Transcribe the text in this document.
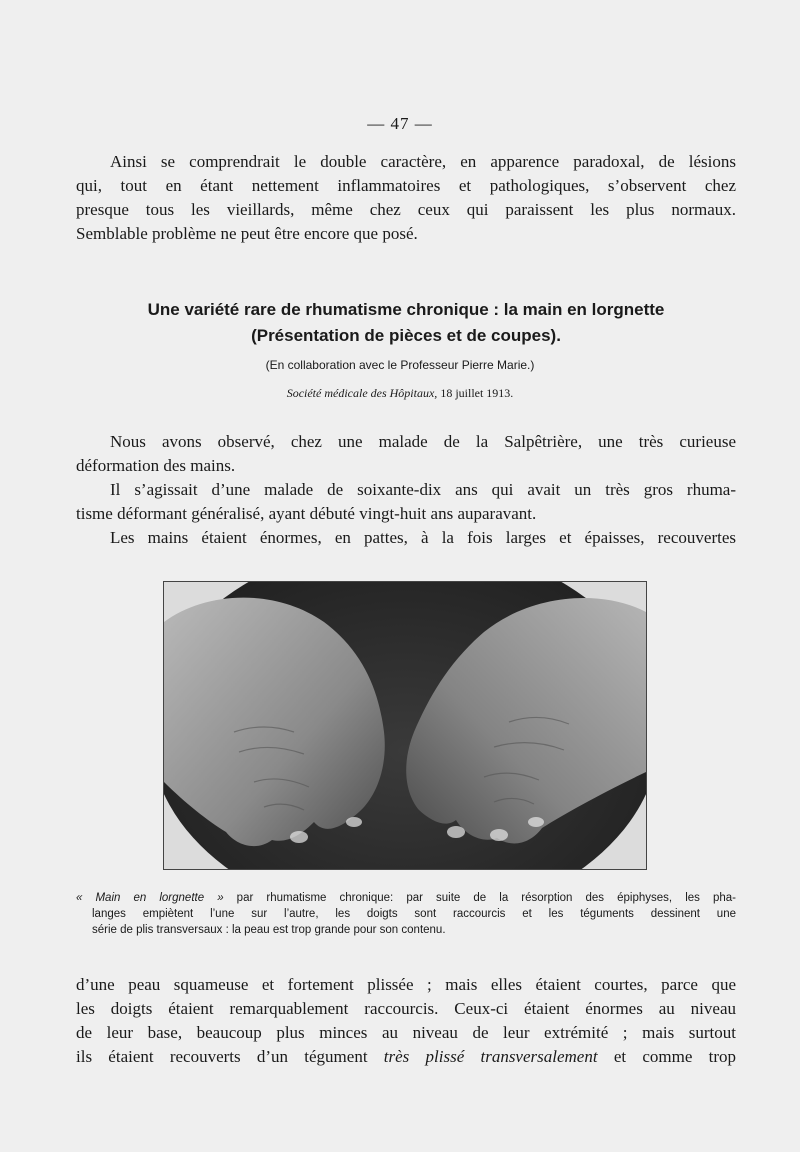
— 47 —

Ainsi se comprendrait le double caractère, en apparence paradoxal, de lésions
qui, tout en étant nettement inflammatoires et pathologiques, s’observent chez
presque tous les vieillards, même chez ceux qui paraissent les plus normaux.
Semblable problème ne peut être encore que posé.

Une variété rare de rhumatisme chronique : la main en lorgnette
(Présentation de pièces et de coupes).
(En collaboration avec le Professeur Pierre Marie.)
Société médicale des Hôpitaux, 18 juillet 1913.

Nous avons observé, chez une malade de la Salpêtrière, une très curieuse
déformation des mains.
Il s’agissait d’une malade de soixante-dix ans qui avait un très gros rhuma-
tisme déformant généralisé, ayant débuté vingt-huit ans auparavant.
Les mains étaient énormes, en pattes, à la fois larges et épaisses, recouvertes

« Main en lorgnette » par rhumatisme chronique: par suite de la résorption des épiphyses, les pha-
langes empiètent l’une sur l’autre, les doigts sont raccourcis et les téguments dessinent une
série de plis transversaux : la peau est trop grande pour son contenu.

d’une peau squameuse et fortement plissée ; mais elles étaient courtes, parce que
les doigts étaient remarquablement raccourcis. Ceux-ci étaient énormes au niveau
de leur base, beaucoup plus minces au niveau de leur extrémité ; mais surtout
ils étaient recouverts d’un tégument très plissé transversalement et comme trop
